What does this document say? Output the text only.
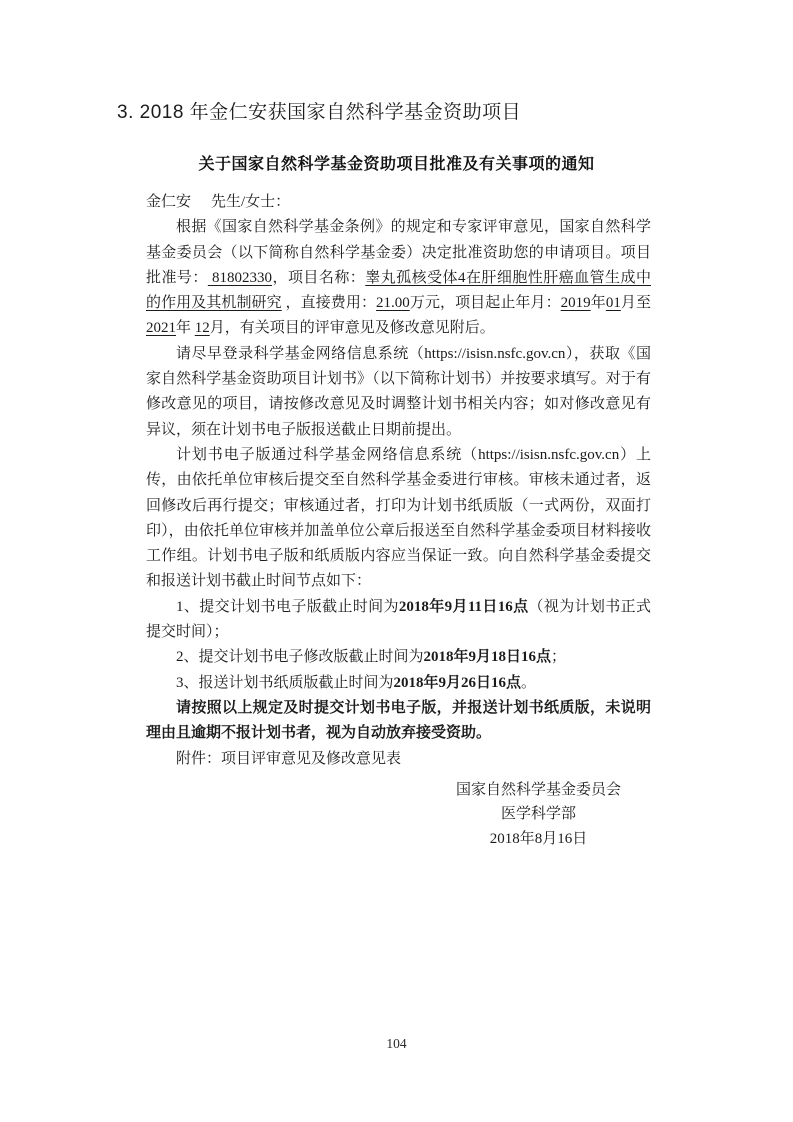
3. 2018 年金仁安获国家自然科学基金资助项目
关于国家自然科学基金资助项目批准及有关事项的通知

金仁安 先生/女士：

根据《国家自然科学基金条例》的规定和专家评审意见，国家自然科学基金委员会（以下简称自然科学基金委）决定批准资助您的申请项目。项目批准号： 81802330，项目名称：睾丸孤核受体4在肝细胞性肝癌血管生成中的作用及其机制研究 ，直接费用：21.00万元，项目起止年月：2019年01月至 2021年 12月，有关项目的评审意见及修改意见附后。

请尽早登录科学基金网络信息系统（https://isisn.nsfc.gov.cn），获取《国家自然科学基金资助项目计划书》（以下简称计划书）并按要求填写。对于有修改意见的项目，请按修改意见及时调整计划书相关内容；如对修改意见有异议，须在计划书电子版报送截止日期前提出。

计划书电子版通过科学基金网络信息系统（https://isisn.nsfc.gov.cn）上传，由依托单位审核后提交至自然科学基金委进行审核。审核未通过者，返回修改后再行提交；审核通过者，打印为计划书纸质版（一式两份，双面打印），由依托单位审核并加盖单位公章后报送至自然科学基金委项目材料接收工作组。计划书电子版和纸质版内容应当保证一致。向自然科学基金委提交和报送计划书截止时间节点如下：

1、提交计划书电子版截止时间为2018年9月11日16点（视为计划书正式提交时间）；

2、提交计划书电子修改版截止时间为2018年9月18日16点；

3、报送计划书纸质版截止时间为2018年9月26日16点。

请按照以上规定及时提交计划书电子版，并报送计划书纸质版，未说明理由且逾期不报计划书者，视为自动放弃接受资助。

附件：项目评审意见及修改意见表

国家自然科学基金委员会

医学科学部

2018年8月16日

104
